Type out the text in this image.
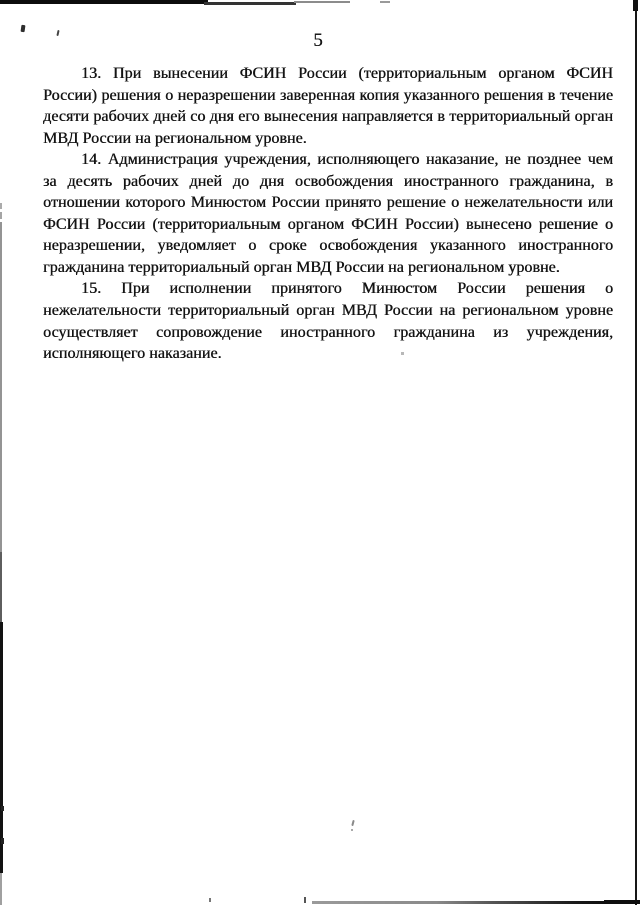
5

13. При вынесении ФСИН России (территориальным органом ФСИН России) решения о неразрешении заверенная копия указанного решения в течение десяти рабочих дней со дня его вынесения направляется в территориальный орган МВД России на региональном уровне.

14. Администрация учреждения, исполняющего наказание, не позднее чем за десять рабочих дней до дня освобождения иностранного гражданина, в отношении которого Минюстом России принято решение о нежелательности или ФСИН России (территориальным органом ФСИН России) вынесено решение о неразрешении, уведомляет о сроке освобождения указанного иностранного гражданина территориальный орган МВД России на региональном уровне.

15. При исполнении принятого Минюстом России решения о нежелательности территориальный орган МВД России на региональном уровне осуществляет сопровождение иностранного гражданина из учреждения, исполняющего наказание.
